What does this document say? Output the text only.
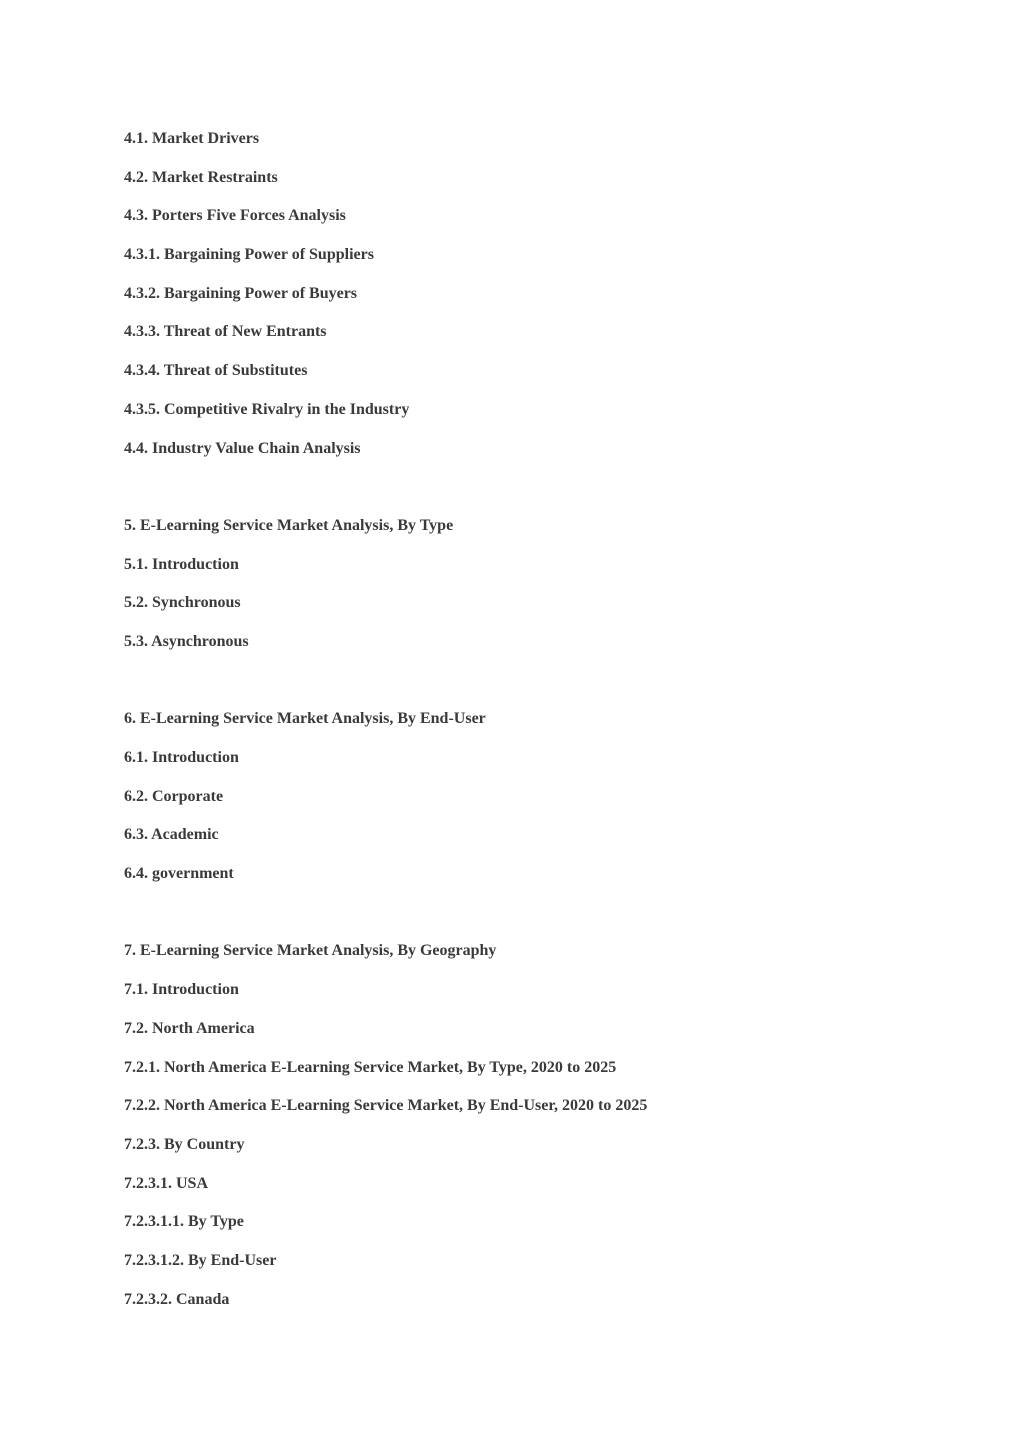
4.1. Market Drivers
4.2. Market Restraints
4.3. Porters Five Forces Analysis
4.3.1. Bargaining Power of Suppliers
4.3.2. Bargaining Power of Buyers
4.3.3. Threat of New Entrants
4.3.4. Threat of Substitutes
4.3.5. Competitive Rivalry in the Industry
4.4. Industry Value Chain Analysis
5. E-Learning Service Market Analysis, By Type
5.1. Introduction
5.2. Synchronous
5.3. Asynchronous
6. E-Learning Service Market Analysis, By End-User
6.1. Introduction
6.2. Corporate
6.3. Academic
6.4. government
7. E-Learning Service Market Analysis, By Geography
7.1. Introduction
7.2. North America
7.2.1. North America E-Learning Service Market, By Type, 2020 to 2025
7.2.2. North America E-Learning Service Market, By End-User, 2020 to 2025
7.2.3. By Country
7.2.3.1. USA
7.2.3.1.1. By Type
7.2.3.1.2. By End-User
7.2.3.2. Canada
